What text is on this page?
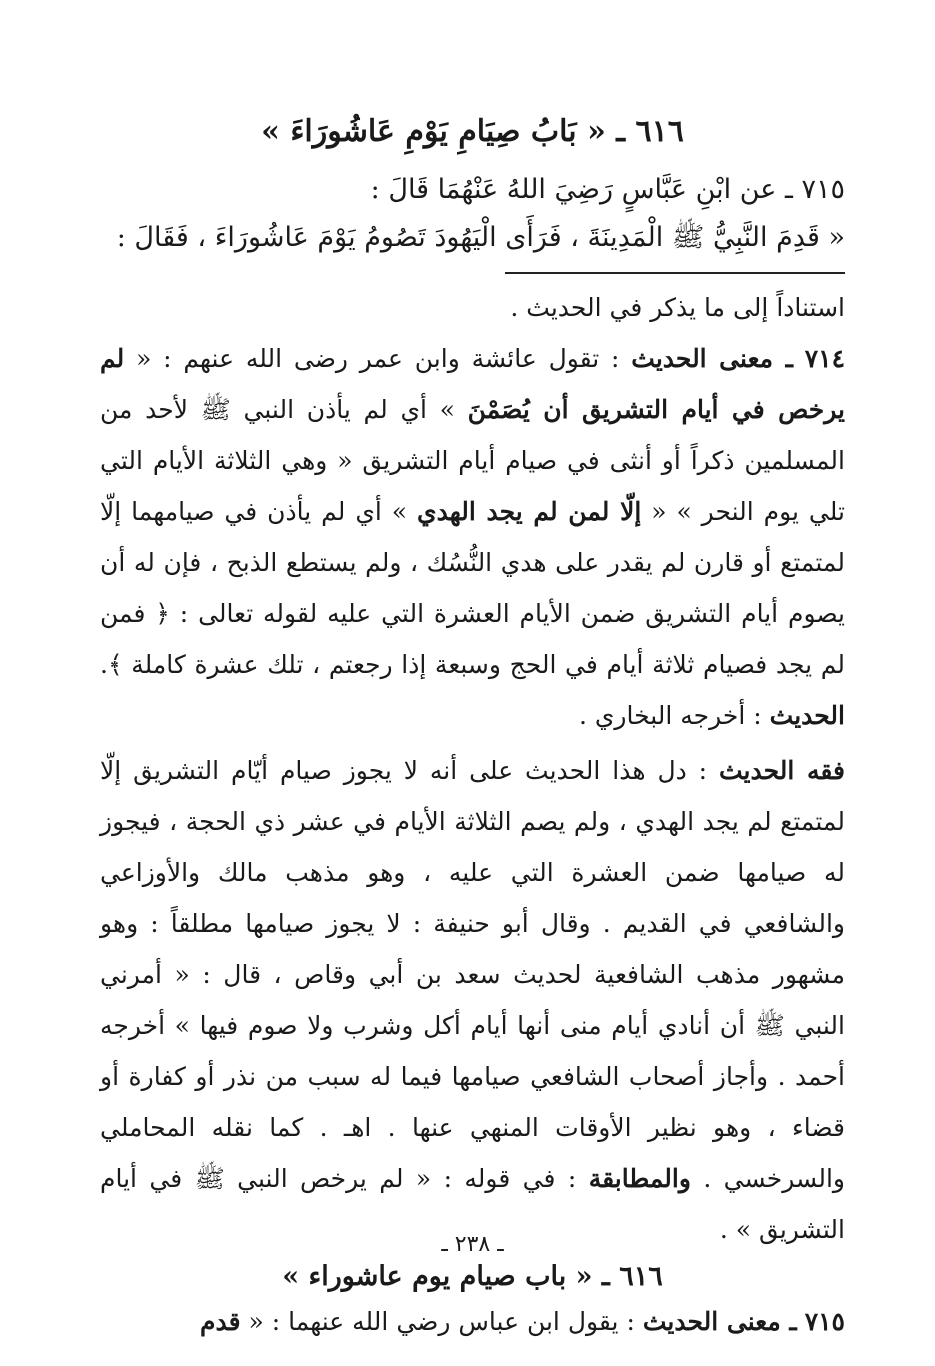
٦١٦ ـ « بَابُ صِيَامِ يَوْمِ عَاشُورَاءَ »

٧١٥ ـ عن ابْنِ عَبَّاسٍ رَضِيَ اللهُ عَنْهُمَا قَالَ :

« قَدِمَ النَّبِيُّ ﷺ الْمَدِينَةَ ، فَرَأَى الْيَهُودَ تَصُومُ يَوْمَ عَاشُورَاءَ ، فَقَالَ :

استناداً إلى ما يذكر في الحديث .

٧١٤ ـ معنى الحديث : تقول عائشة وابن عمر رضى الله عنهم : « لم يرخص في أيام التشريق أن يُصَمْنَ » أي لم يأذن النبي ﷺ لأحد من المسلمين ذكراً أو أنثى في صيام أيام التشريق « وهي الثلاثة الأيام التي تلي يوم النحر » « إلّا لمن لم يجد الهدي » أي لم يأذن في صيامهما إلّا لمتمتع أو قارن لم يقدر على هدي النُّسُك ، ولم يستطع الذبح ، فإن له أن يصوم أيام التشريق ضمن الأيام العشرة التي عليه لقوله تعالى : ﴿ فمن لم يجد فصيام ثلاثة أيام في الحج وسبعة إذا رجعتم ، تلك عشرة كاملة ﴾. الحديث : أخرجه البخاري .

فقه الحديث : دل هذا الحديث على أنه لا يجوز صيام أيّام التشريق إلّا لمتمتع لم يجد الهدي ، ولم يصم الثلاثة الأيام في عشر ذي الحجة ، فيجوز له صيامها ضمن العشرة التي عليه ، وهو مذهب مالك والأوزاعي والشافعي في القديم . وقال أبو حنيفة : لا يجوز صيامها مطلقاً : وهو مشهور مذهب الشافعية لحديث سعد بن أبي وقاص ، قال : « أمرني النبي ﷺ أن أنادي أيام منى أنها أيام أكل وشرب ولا صوم فيها » أخرجه أحمد . وأجاز أصحاب الشافعي صيامها فيما له سبب من نذر أو كفارة أو قضاء ، وهو نظير الأوقات المنهي عنها . اهـ . كما نقله المحاملي والسرخسي . والمطابقة : في قوله : « لم يرخص النبي ﷺ في أيام التشريق » .

٦١٦ ـ « باب صيام يوم عاشوراء »

٧١٥ ـ معنى الحديث : يقول ابن عباس رضي الله عنهما : « قدم

ـ ٢٣٨ ـ
